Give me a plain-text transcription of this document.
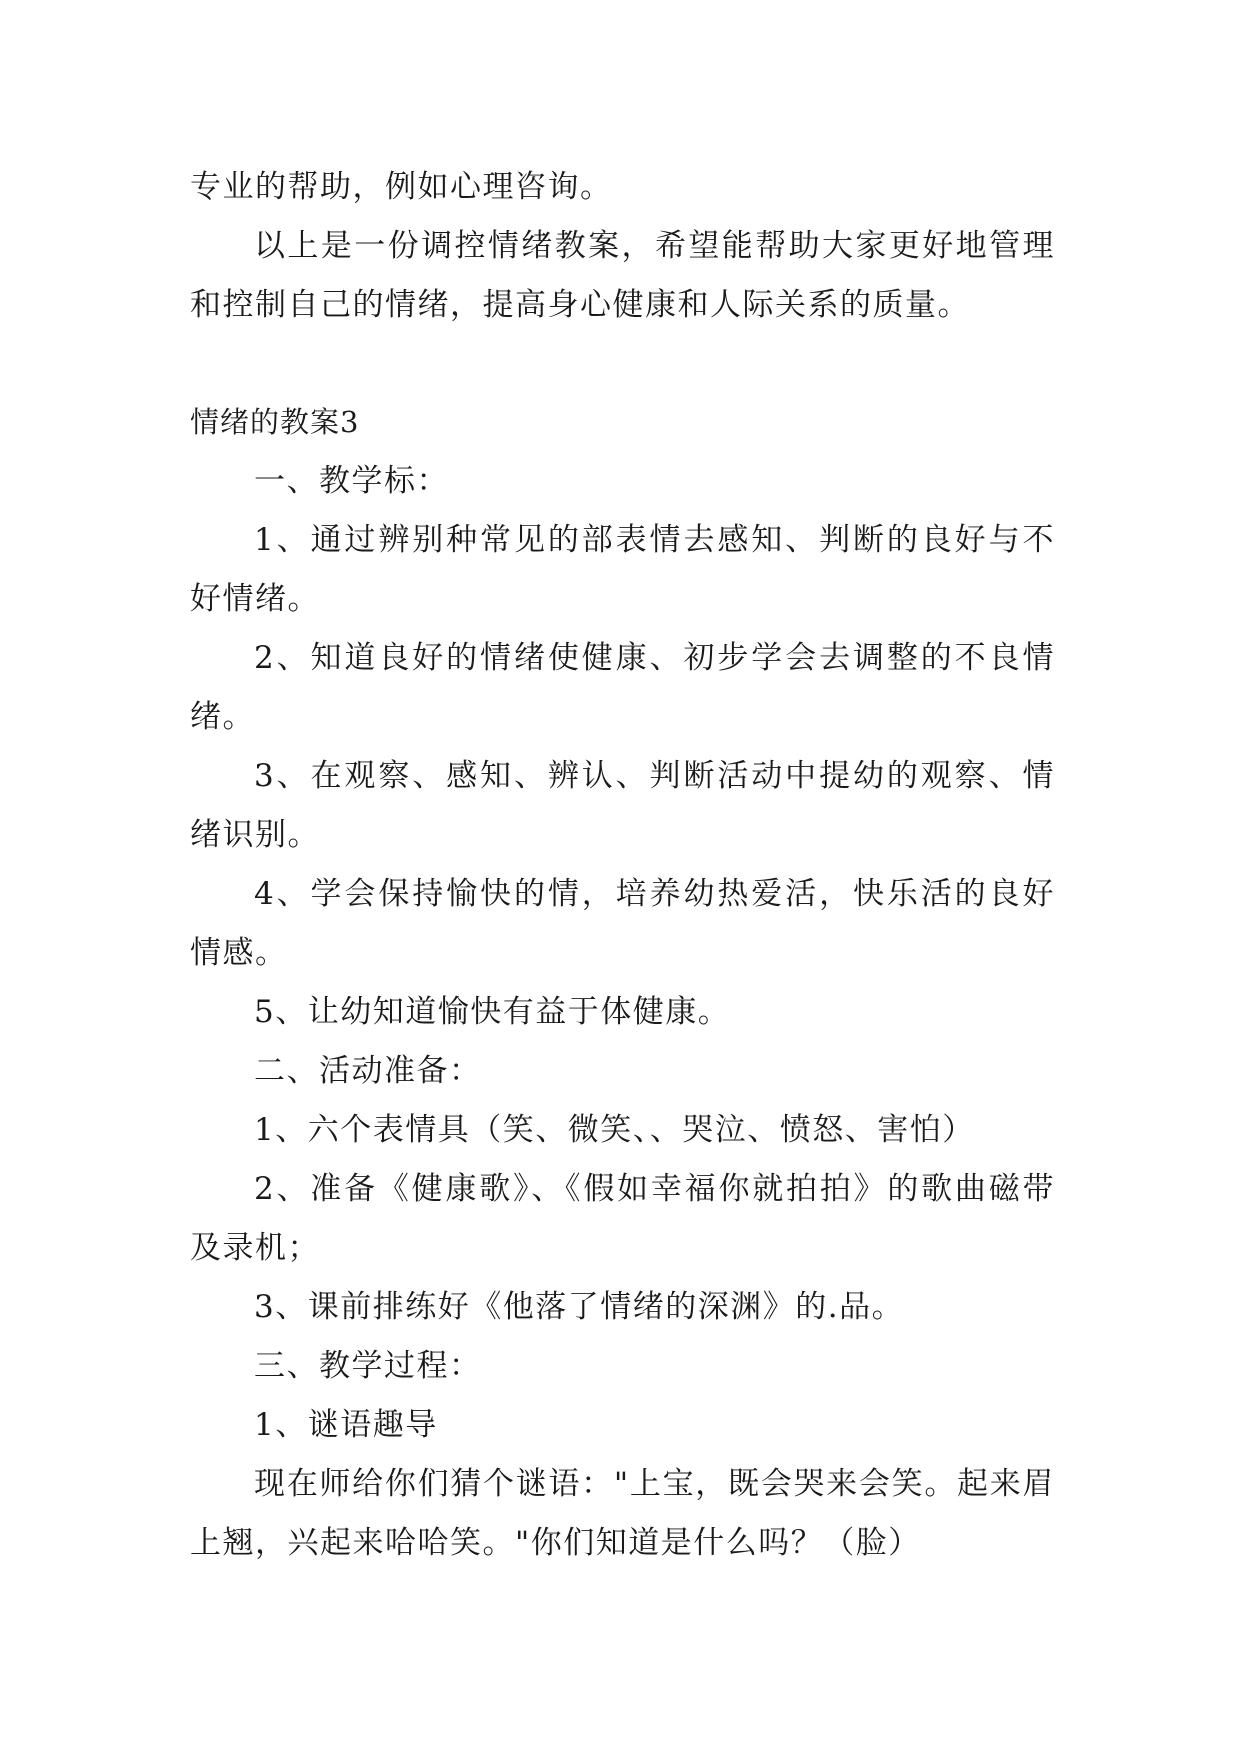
专业的帮助，例如心理咨询。

以上是一份调控情绪教案，希望能帮助大家更好地管理和控制自己的情绪，提高身心健康和人际关系的质量。

情绪的教案3

一、教学标：

1、通过辨别种常见的部表情去感知、判断的良好与不好情绪。

2、知道良好的情绪使健康、初步学会去调整的不良情绪。

3、在观察、感知、辨认、判断活动中提幼的观察、情绪识别。

4、学会保持愉快的情，培养幼热爱活，快乐活的良好情感。

5、让幼知道愉快有益于体健康。

二、活动准备：

1、六个表情具（笑、微笑、、哭泣、愤怒、害怕）

2、准备《健康歌》、《假如幸福你就拍拍》的歌曲磁带及录机；

3、课前排练好《他落了情绪的深渊》的.品。

三、教学过程：

1、谜语趣导

现在师给你们猜个谜语："上宝，既会哭来会笑。起来眉上翘，兴起来哈哈笑。"你们知道是什么吗？（脸）
